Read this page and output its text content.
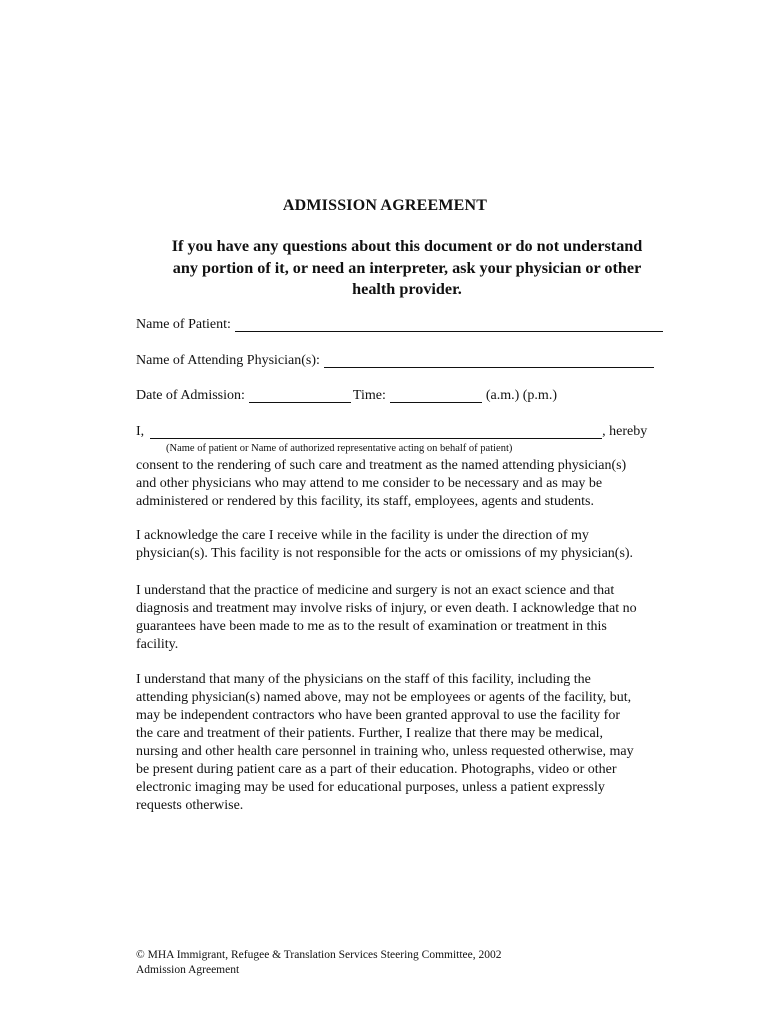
ADMISSION AGREEMENT
If you have any questions about this document or do not understand
any portion of it, or need an interpreter, ask your physician or other
health provider.
Name of Patient:
Name of Attending Physician(s):
Date of Admission:	Time:	(a.m.) (p.m.)
I,	, hereby
(Name of patient or Name of authorized representative acting on behalf of patient)

consent to the rendering of such care and treatment as the named attending physician(s)
and other physicians who may attend to me consider to be necessary and as may be
administered or rendered by this facility, its staff, employees, agents and students.

I acknowledge the care I receive while in the facility is under the direction of my
physician(s). This facility is not responsible for the acts or omissions of my physician(s).

I understand that the practice of medicine and surgery is not an exact science and that
diagnosis and treatment may involve risks of injury, or even death. I acknowledge that no
guarantees have been made to me as to the result of examination or treatment in this
facility.

I understand that many of the physicians on the staff of this facility, including the
attending physician(s) named above, may not be employees or agents of the facility, but,
may be independent contractors who have been granted approval to use the facility for
the care and treatment of their patients. Further, I realize that there may be medical,
nursing and other health care personnel in training who, unless requested otherwise, may
be present during patient care as a part of their education. Photographs, video or other
electronic imaging may be used for educational purposes, unless a patient expressly
requests otherwise.

© MHA Immigrant, Refugee & Translation Services Steering Committee, 2002
Admission Agreement
